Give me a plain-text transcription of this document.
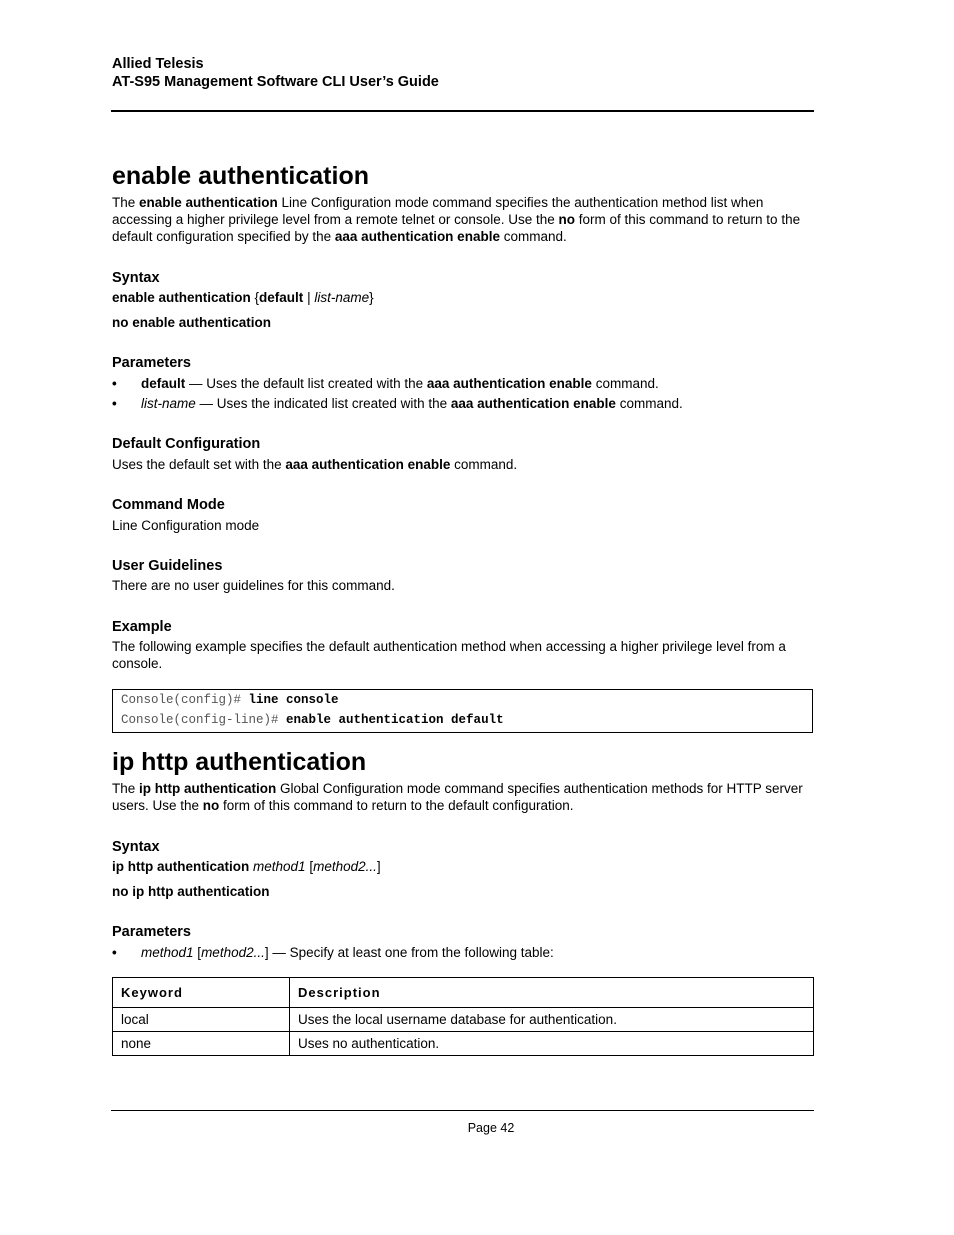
Allied Telesis
AT-S95 Management Software CLI User’s Guide
enable authentication

The enable authentication Line Configuration mode command specifies the authentication method list when accessing a higher privilege level from a remote telnet or console. Use the no form of this command to return to the default configuration specified by the aaa authentication enable command.

Syntax

enable authentication {default | list-name}

no enable authentication

Parameters
• default — Uses the default list created with the aaa authentication enable command.
• list-name — Uses the indicated list created with the aaa authentication enable command.
Default Configuration

Uses the default set with the aaa authentication enable command.

Command Mode

Line Configuration mode

User Guidelines

There are no user guidelines for this command.

Example

The following example specifies the default authentication method when accessing a higher privilege level from a console.

Console(config)# line console
Console(config-line)# enable authentication default
ip http authentication

The ip http authentication Global Configuration mode command specifies authentication methods for HTTP server users. Use the no form of this command to return to the default configuration.

Syntax

ip http authentication method1 [method2...]

no ip http authentication

Parameters
• method1 [method2...] — Specify at least one from the following table:
Keyword	Description
local	Uses the local username database for authentication.
none	Uses no authentication.
Page 42
